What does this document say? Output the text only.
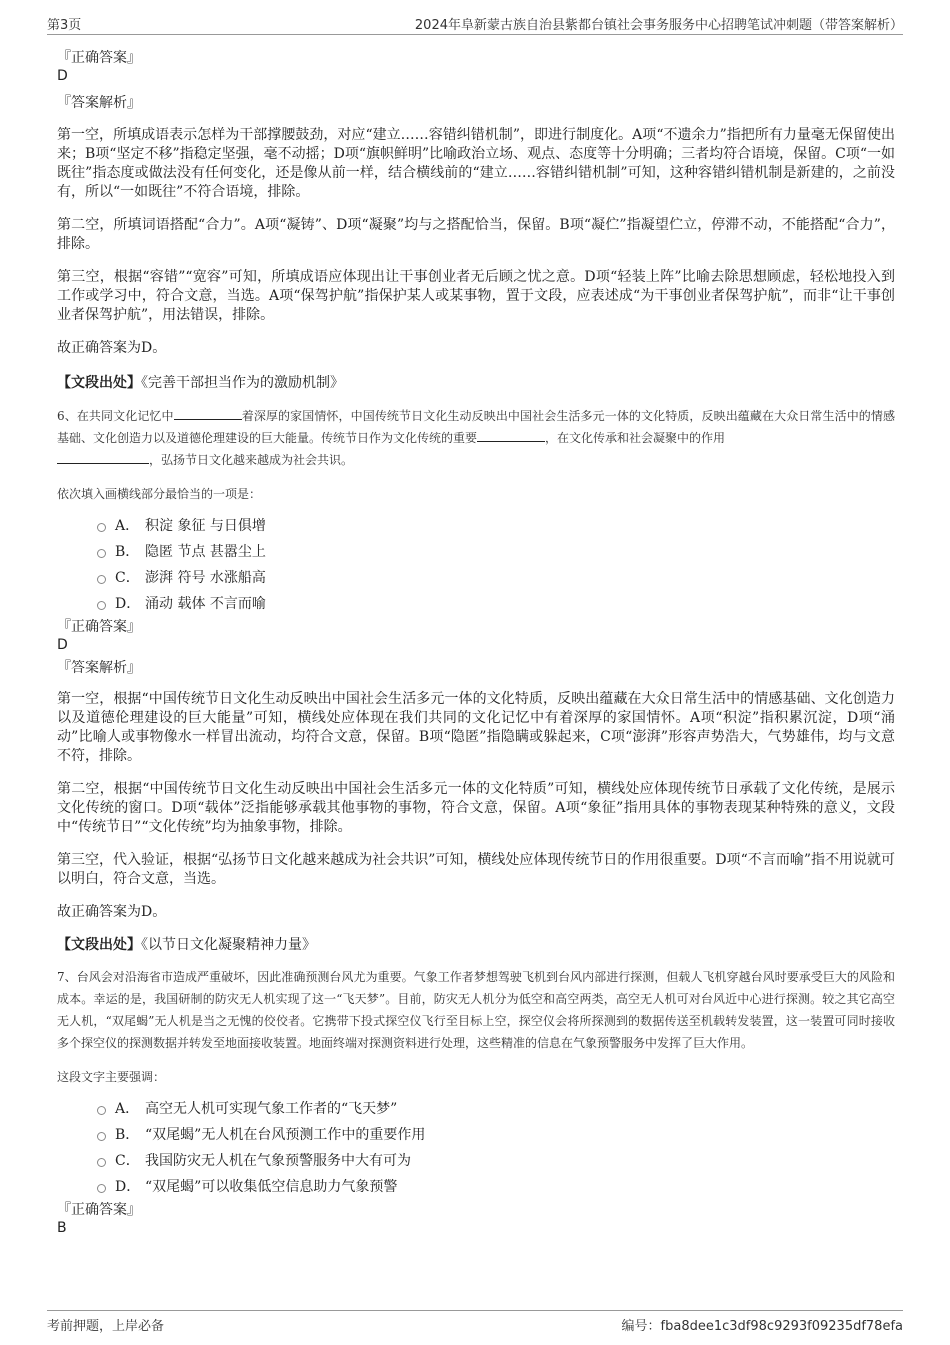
第3页	2024年阜新蒙古族自治县紫都台镇社会事务服务中心招聘笔试冲刺题（带答案解析）

『正确答案』

D

『答案解析』

第一空，所填成语表示怎样为干部撑腰鼓劲，对应“建立……容错纠错机制”，即进行制度化。A项“不遗余力”指把所有力量毫无保留使出来；B项“坚定不移”指稳定坚强，毫不动摇；D项“旗帜鲜明”比喻政治立场、观点、态度等十分明确；三者均符合语境，保留。C项“一如既往”指态度或做法没有任何变化，还是像从前一样，结合横线前的“建立……容错纠错机制”可知，这种容错纠错机制是新建的，之前没有，所以“一如既往”不符合语境，排除。

第二空，所填词语搭配“合力”。A项“凝铸”、D项“凝聚”均与之搭配恰当，保留。B项“凝伫”指凝望伫立，停滞不动，不能搭配“合力”，排除。

第三空，根据“容错”“宽容”可知，所填成语应体现出让干事创业者无后顾之忧之意。D项“轻装上阵”比喻去除思想顾虑，轻松地投入到工作或学习中，符合文意，当选。A项“保驾护航”指保护某人或某事物，置于文段，应表述成“为干事创业者保驾护航”，而非“让干事创业者保驾护航”，用法错误，排除。

故正确答案为D。

【文段出处】《完善干部担当作为的激励机制》

6、在共同文化记忆中	着深厚的家国情怀，中国传统节日文化生动反映出中国社会生活多元一体的文化特质，反映出蕴藏在大众日常生活中的情感基础、文化创造力以及道德伦理建设的巨大能量。传统节日作为文化传统的重要	，在文化传承和社会凝聚中的作用
，弘扬节日文化越来越成为社会共识。

依次填入画横线部分最恰当的一项是：

A． 积淀 象征 与日俱增
B． 隐匿 节点 甚嚣尘上
C． 澎湃 符号 水涨船高
D． 涌动 载体 不言而喻

『正确答案』

D

『答案解析』

第一空，根据“中国传统节日文化生动反映出中国社会生活多元一体的文化特质，反映出蕴藏在大众日常生活中的情感基础、文化创造力以及道德伦理建设的巨大能量”可知，横线处应体现在我们共同的文化记忆中有着深厚的家国情怀。A项“积淀”指积累沉淀，D项“涌动”比喻人或事物像水一样冒出流动，均符合文意，保留。B项“隐匿”指隐瞒或躲起来，C项“澎湃”形容声势浩大，气势雄伟，均与文意不符，排除。

第二空，根据“中国传统节日文化生动反映出中国社会生活多元一体的文化特质”可知，横线处应体现传统节日承载了文化传统，是展示文化传统的窗口。D项“载体”泛指能够承载其他事物的事物，符合文意，保留。A项“象征”指用具体的事物表现某种特殊的意义，文段中“传统节日”“文化传统”均为抽象事物，排除。

第三空，代入验证，根据“弘扬节日文化越来越成为社会共识”可知，横线处应体现传统节日的作用很重要。D项“不言而喻”指不用说就可以明白，符合文意，当选。

故正确答案为D。

【文段出处】《以节日文化凝聚精神力量》

7、台风会对沿海省市造成严重破坏，因此准确预测台风尤为重要。气象工作者梦想驾驶飞机到台风内部进行探测，但载人飞机穿越台风时要承受巨大的风险和成本。幸运的是，我国研制的防灾无人机实现了这一“飞天梦”。目前，防灾无人机分为低空和高空两类，高空无人机可对台风近中心进行探测。较之其它高空无人机，“双尾蝎”无人机是当之无愧的佼佼者。它携带下投式探空仪飞行至目标上空，探空仪会将所探测到的数据传送至机载转发装置，这一装置可同时接收多个探空仪的探测数据并转发至地面接收装置。地面终端对探测资料进行处理，这些精准的信息在气象预警服务中发挥了巨大作用。

这段文字主要强调：

A． 高空无人机可实现气象工作者的“飞天梦”
B． “双尾蝎”无人机在台风预测工作中的重要作用
C． 我国防灾无人机在气象预警服务中大有可为
D． “双尾蝎”可以收集低空信息助力气象预警

『正确答案』

B

考前押题，上岸必备	编号：fba8dee1c3df98c9293f09235df78efa
